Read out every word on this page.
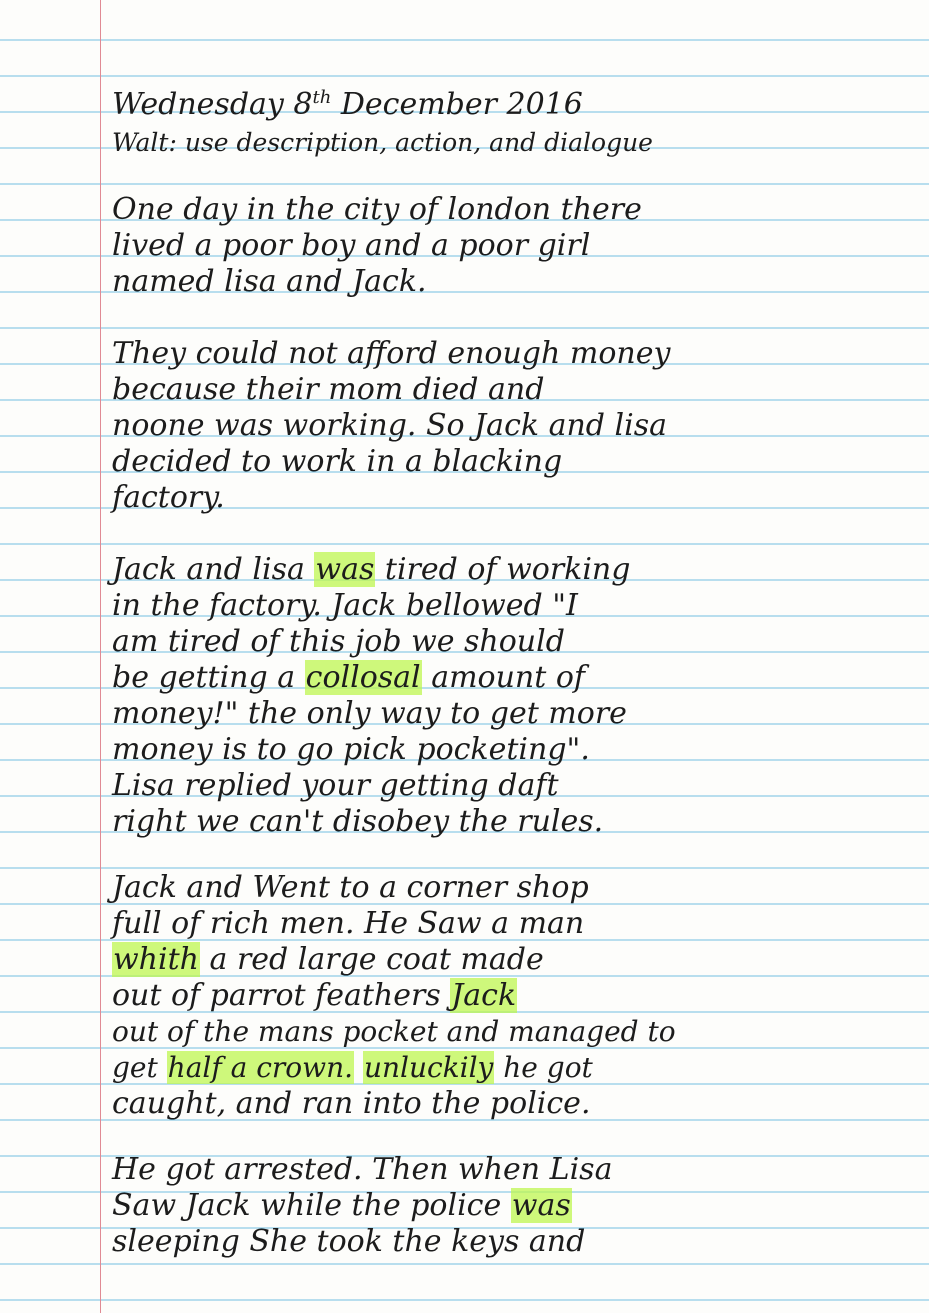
Wednesday 8th December 2016
Walt: use description, action, and dialogue
One day in the city of london there
lived a poor boy and a poor girl
named lisa and Jack.
They could not afford enough money
because their mom died and
noone was working. So Jack and lisa
decided to work in a blacking
factory.
Jack and lisa was tired of working
in the factory. Jack bellowed "I
am tired of this job we should
be getting a collosal amount of
money!" the only way to get more
money is to go pick pocketing".
Lisa replied your getting daft
right we can't disobey the rules.
Jack and Went to a corner shop
full of rich men. He Saw a man
whith a red large coat made
out of parrot feathers Jack
out of the mans pocket and managed to
get half a crown. unluckily he got
caught, and ran into the police.
He got arrested. Then when Lisa
Saw Jack while the police was
sleeping She took the keys and
